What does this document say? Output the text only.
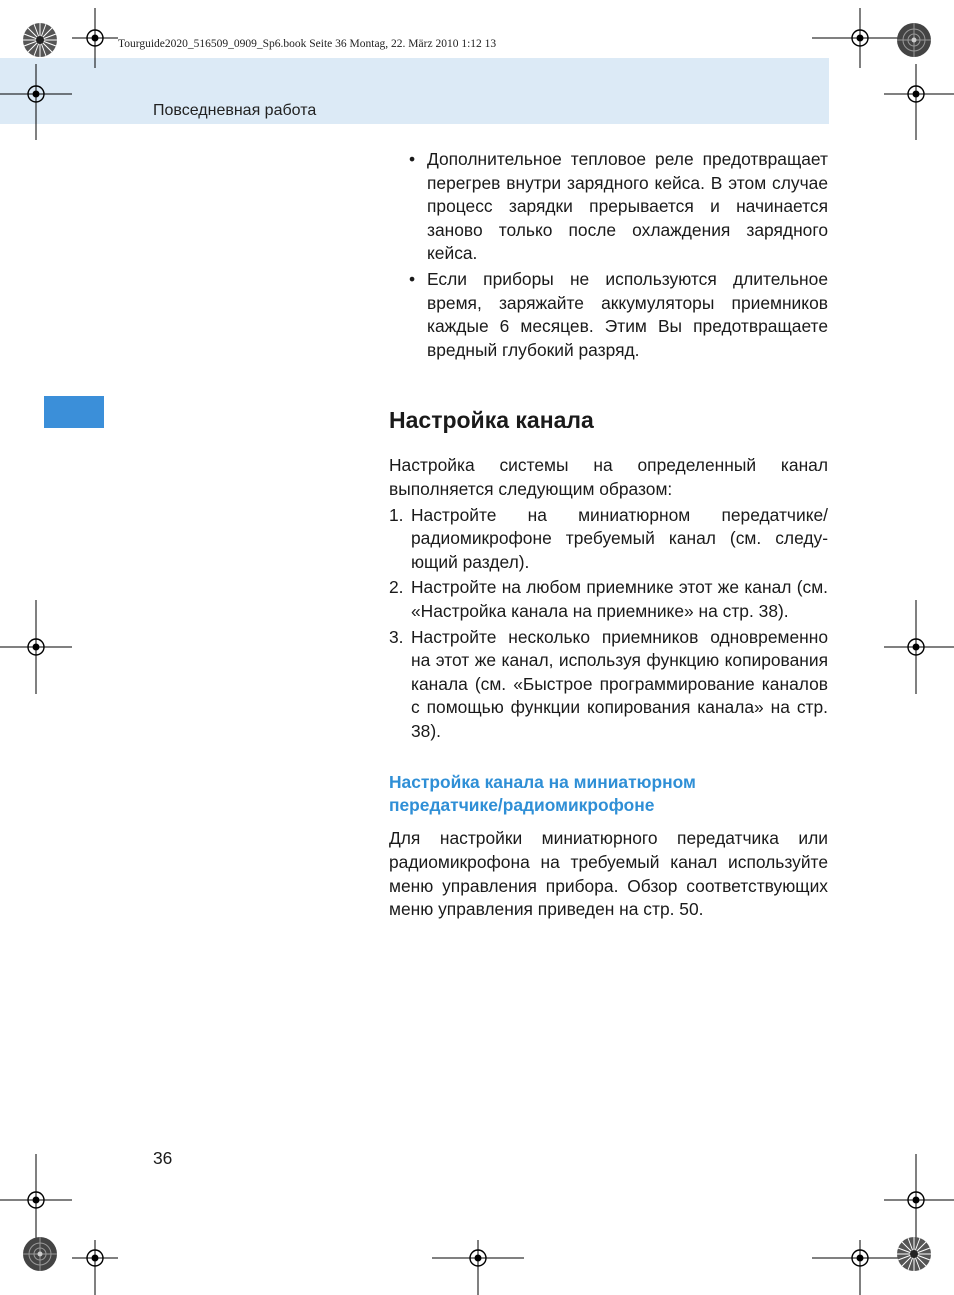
Tourguide2020_516509_0909_Sp6.book Seite 36 Montag, 22. März 2010 1:12 13
Повседневная работа
• Дополнительное тепловое реле предотвращает перегрев внутри зарядного кейса. В этом случае процесс зарядки прерывается и начинается заново только после охлаждения зарядного кейса.
• Если приборы не используются длительное время, заряжайте аккумуляторы приемников каждые 6 месяцев. Этим Вы предотвращаете вредный глубокий разряд.
Настройка канала

Настройка системы на определенный канал выполняется следующим образом:

1. Настройте на миниатюрном передатчике/ радиомикрофоне требуемый канал (см. следующий раздел).
2. Настройте на любом приемнике этот же канал (см. «Настройка канала на приемнике» на стр. 38).
3. Настройте несколько приемников одновременно на этот же канал, используя функцию копирования канала (см. «Быстрое программирование каналов с помощью функции копирования канала» на стр. 38).
Настройка канала на миниатюрном
передатчике/радиомикрофоне

Для настройки миниатюрного передатчика или радиомикрофона на требуемый канал используйте меню управления прибора. Обзор соответствующих меню управления приведен на стр. 50.

36
